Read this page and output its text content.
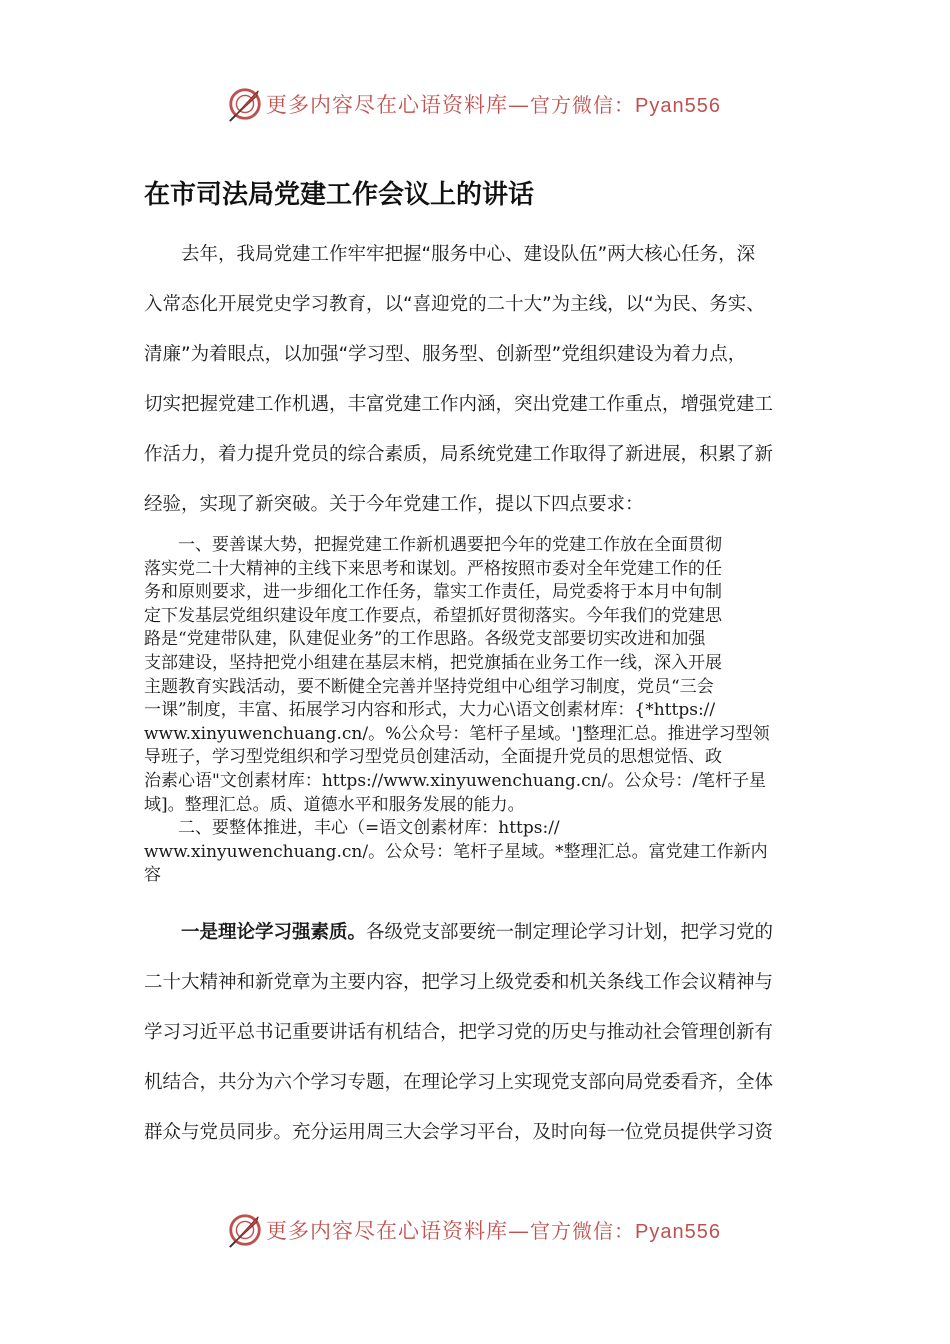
更多内容尽在心语资料库—官方微信：Pyan556
在市司法局党建工作会议上的讲话
　　去年，我局党建工作牢牢把握“服务中心、建设队伍”两大核心任务，深
入常态化开展党史学习教育，以“喜迎党的二十大”为主线，以“为民、务实、
清廉”为着眼点，以加强“学习型、服务型、创新型”党组织建设为着力点，
切实把握党建工作机遇，丰富党建工作内涵，突出党建工作重点，增强党建工
作活力，着力提升党员的综合素质，局系统党建工作取得了新进展，积累了新
经验，实现了新突破。关于今年党建工作，提以下四点要求：
　　一、要善谋大势，把握党建工作新机遇要把今年的党建工作放在全面贯彻
落实党二十大精神的主线下来思考和谋划。严格按照市委对全年党建工作的任
务和原则要求，进一步细化工作任务，靠实工作责任，局党委将于本月中旬制
定下发基层党组织建设年度工作要点，希望抓好贯彻落实。今年我们的党建思
路是“党建带队建，队建促业务”的工作思路。各级党支部要切实改进和加强
支部建设，坚持把党小组建在基层末梢，把党旗插在业务工作一线，深入开展
主题教育实践活动，要不断健全完善并坚持党组中心组学习制度，党员“三会
一课”制度，丰富、拓展学习内容和形式，大力心\语文创素材库：{*https://
www.xinyuwenchuang.cn/。%公众号：笔杆子星域。']整理汇总。推进学习型领
导班子，学习型党组织和学习型党员创建活动，全面提升党员的思想觉悟、政
治素心语"文创素材库：https://www.xinyuwenchuang.cn/。公众号：/笔杆子星
域]。整理汇总。质、道德水平和服务发展的能力。
　　二、要整体推进，丰心（=语文创素材库：https://
www.xinyuwenchuang.cn/。公众号：笔杆子星域。*整理汇总。富党建工作新内
容
　　一是理论学习强素质。各级党支部要统一制定理论学习计划，把学习党的
二十大精神和新党章为主要内容，把学习上级党委和机关条线工作会议精神与
学习习近平总书记重要讲话有机结合，把学习党的历史与推动社会管理创新有
机结合，共分为六个学习专题，在理论学习上实现党支部向局党委看齐，全体
群众与党员同步。充分运用周三大会学习平台，及时向每一位党员提供学习资
更多内容尽在心语资料库—官方微信：Pyan556
